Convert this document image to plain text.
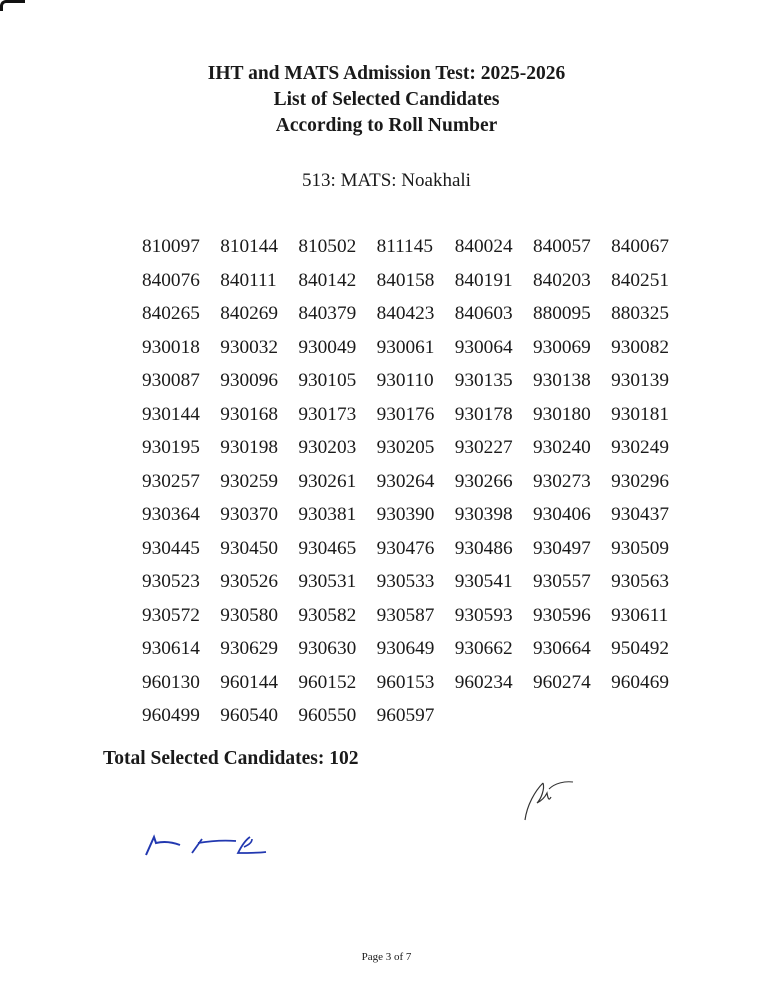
IHT and MATS Admission Test: 2025-2026
List of Selected Candidates
According to Roll Number
513: MATS: Noakhali
810097	810144	810502	811145	840024	840057	840067
840076	840111	840142	840158	840191	840203	840251
840265	840269	840379	840423	840603	880095	880325
930018	930032	930049	930061	930064	930069	930082
930087	930096	930105	930110	930135	930138	930139
930144	930168	930173	930176	930178	930180	930181
930195	930198	930203	930205	930227	930240	930249
930257	930259	930261	930264	930266	930273	930296
930364	930370	930381	930390	930398	930406	930437
930445	930450	930465	930476	930486	930497	930509
930523	930526	930531	930533	930541	930557	930563
930572	930580	930582	930587	930593	930596	930611
930614	930629	930630	930649	930662	930664	950492
960130	960144	960152	960153	960234	960274	960469
960499	960540	960550	960597
Total Selected Candidates: 102
Page 3 of 7
